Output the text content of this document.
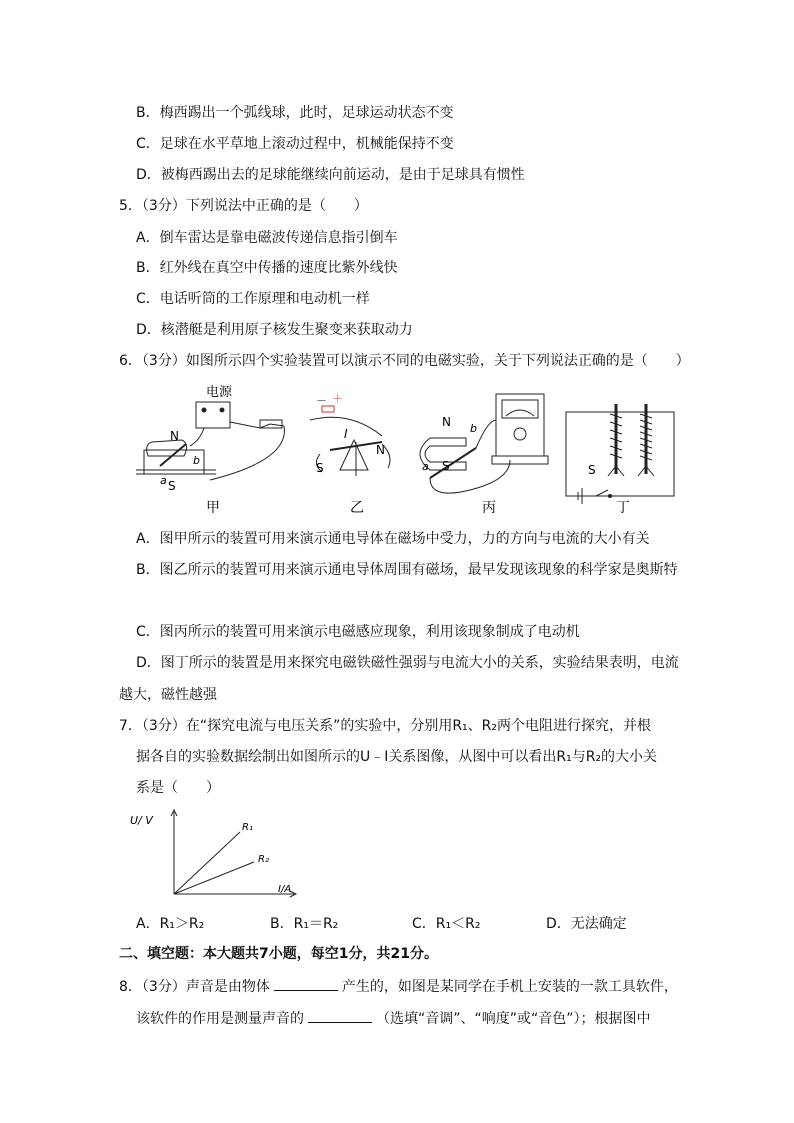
B．梅西踢出一个弧线球，此时，足球运动状态不变
C．足球在水平草地上滚动过程中，机械能保持不变
D．被梅西踢出去的足球能继续向前运动，是由于足球具有惯性
5．（3分）下列说法中正确的是（　　）
A．倒车雷达是靠电磁波传递信息指引倒车
B．红外线在真空中传播的速度比紫外线快
C．电话听筒的工作原理和电动机一样
D．核潜艇是利用原子核发生聚变来获取动力
6．（3分）如图所示四个实验装置可以演示不同的电磁实验，关于下列说法正确的是（　　）
电源
N
b
a S
－ ＋
I
N
S
N b
a S	S
甲	乙	丙	丁
A．图甲所示的装置可用来演示通电导体在磁场中受力，力的方向与电流的大小有关
B．图乙所示的装置可用来演示通电导体周围有磁场，最早发现该现象的科学家是奥斯特
C．图丙所示的装置可用来演示电磁感应现象，利用该现象制成了电动机
D．图丁所示的装置是用来探究电磁铁磁性强弱与电流大小的关系，实验结果表明，电流
越大，磁性越强
7．（3分）在“探究电流与电压关系”的实验中，分别用R₁、R₂两个电阻进行探究，并根
据各自的实验数据绘制出如图所示的U﹣I关系图像，从图中可以看出R₁与R₂的大小关
系是（　　）
U/ V
I/A
R₁
R₂
A．R₁＞R₂	B．R₁＝R₂	C．R₁＜R₂	D．无法确定
二、填空题：本大题共7小题，每空1分，共21分。
8．（3分）声音是由物体	产生的，如图是某同学在手机上安装的一款工具软件，
该软件的作用是测量声音的	（选填“音调”、“响度”或“音色”）；根据图中
